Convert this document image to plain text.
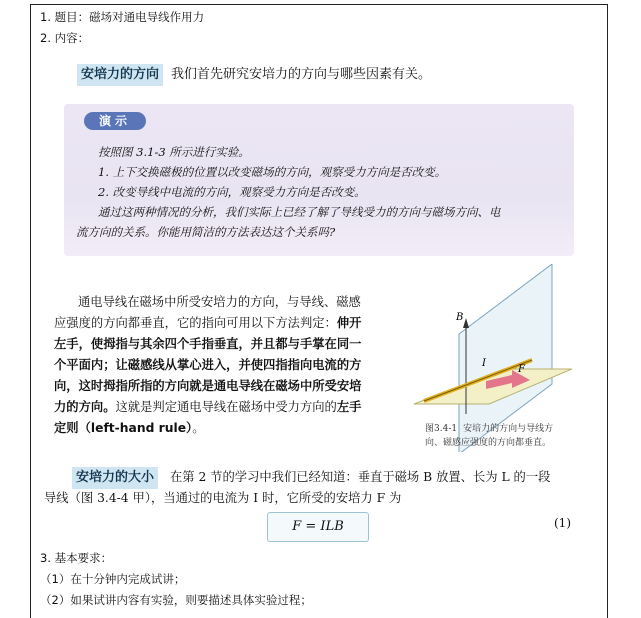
1. 题目：磁场对通电导线作用力
2. 内容：
安培力的方向 我们首先研究安培力的方向与哪些因素有关。
演示
按照图 3.1-3 所示进行实验。
1. 上下交换磁极的位置以改变磁场的方向，观察受力方向是否改变。
2. 改变导线中电流的方向，观察受力方向是否改变。
通过这两种情况的分析，我们实际上已经了解了导线受力的方向与磁场方向、电
流方向的关系。你能用简洁的方法表达这个关系吗?
通电导线在磁场中所受安培力的方向，与导线、磁感
应强度的方向都垂直，它的指向可用以下方法判定：伸开
左手，使拇指与其余四个手指垂直，并且都与手掌在同一
个平面内；让磁感线从掌心进入，并使四指指向电流的方
向，这时拇指所指的方向就是通电导线在磁场中所受安培
力的方向。这就是判定通电导线在磁场中受力方向的左手
定则（left-hand rule）。
B
I
F
图3.4-1 安培力的方向与导线方
向、磁感应强度的方向都垂直。
安培力的大小 在第 2 节的学习中我们已经知道：垂直于磁场 B 放置、长为 L 的一段
导线（图 3.4-4 甲），当通过的电流为 I 时，它所受的安培力 F 为
F = ILB	(1)
3. 基本要求：
（1）在十分钟内完成试讲；
（2）如果试讲内容有实验，则要描述具体实验过程；
